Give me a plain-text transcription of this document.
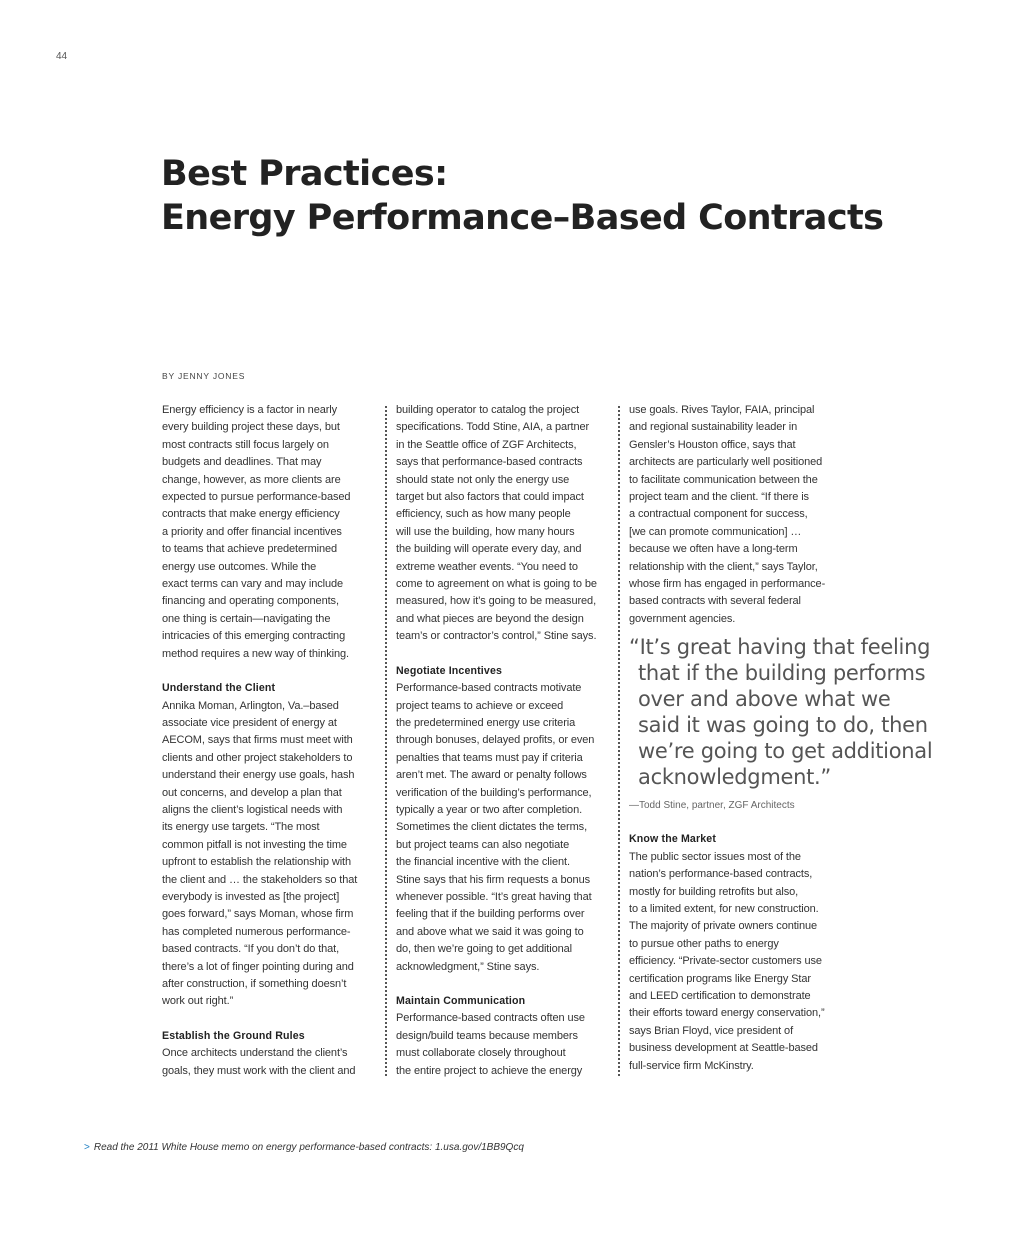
44
Best Practices:
Energy Performance–Based Contracts
BY JENNY JONES

Energy efficiency is a factor in nearly
every building project these days, but
most contracts still focus largely on
budgets and deadlines. That may
change, however, as more clients are
expected to pursue performance-based
contracts that make energy efficiency
a priority and offer financial incentives
to teams that achieve predetermined
energy use outcomes. While the
exact terms can vary and may include
financing and operating components,
one thing is certain—navigating the
intricacies of this emerging contracting
method requires a new way of thinking.

Understand the Client

Annika Moman, Arlington, Va.–based
associate vice president of energy at
AECOM, says that firms must meet with
clients and other project stakeholders to
understand their energy use goals, hash
out concerns, and develop a plan that
aligns the client’s logistical needs with
its energy use targets. “The most
common pitfall is not investing the time
upfront to establish the relationship with
the client and … the stakeholders so that
everybody is invested as [the project]
goes forward,” says Moman, whose firm
has completed numerous performance-
based contracts. “If you don’t do that,
there’s a lot of finger pointing during and
after construction, if something doesn’t
work out right.”

Establish the Ground Rules

Once architects understand the client’s
goals, they must work with the client and

building operator to catalog the project
specifications. Todd Stine, AIA, a partner
in the Seattle office of ZGF Architects,
says that performance-based contracts
should state not only the energy use
target but also factors that could impact
efficiency, such as how many people
will use the building, how many hours
the building will operate every day, and
extreme weather events. “You need to
come to agreement on what is going to be
measured, how it’s going to be measured,
and what pieces are beyond the design
team’s or contractor’s control,” Stine says.

Negotiate Incentives

Performance-based contracts motivate
project teams to achieve or exceed
the predetermined energy use criteria
through bonuses, delayed profits, or even
penalties that teams must pay if criteria
aren’t met. The award or penalty follows
verification of the building’s performance,
typically a year or two after completion.
Sometimes the client dictates the terms,
but project teams can also negotiate
the financial incentive with the client.
Stine says that his firm requests a bonus
whenever possible. “It’s great having that
feeling that if the building performs over
and above what we said it was going to
do, then we’re going to get additional
acknowledgment,” Stine says.

Maintain Communication

Performance-based contracts often use
design/build teams because members
must collaborate closely throughout
the entire project to achieve the energy

use goals. Rives Taylor, FAIA, principal
and regional sustainability leader in
Gensler’s Houston office, says that
architects are particularly well positioned
to facilitate communication between the
project team and the client. “If there is
a contractual component for success,
[we can promote communication] …
because we often have a long-term
relationship with the client,” says Taylor,
whose firm has engaged in performance-
based contracts with several federal
government agencies.

“It’s great having that feeling
that if the building performs
over and above what we
said it was going to do, then
we’re going to get additional
acknowledgment.”
—Todd Stine, partner, ZGF Architects
Know the Market

The public sector issues most of the
nation’s performance-based contracts,
mostly for building retrofits but also,
to a limited extent, for new construction.
The majority of private owners continue
to pursue other paths to energy
efficiency. “Private-sector customers use
certification programs like Energy Star
and LEED certification to demonstrate
their efforts toward energy conservation,”
says Brian Floyd, vice president of
business development at Seattle-based
full-service firm McKinstry.

> Read the 2011 White House memo on energy performance-based contracts: 1.usa.gov/1BB9Qcq
